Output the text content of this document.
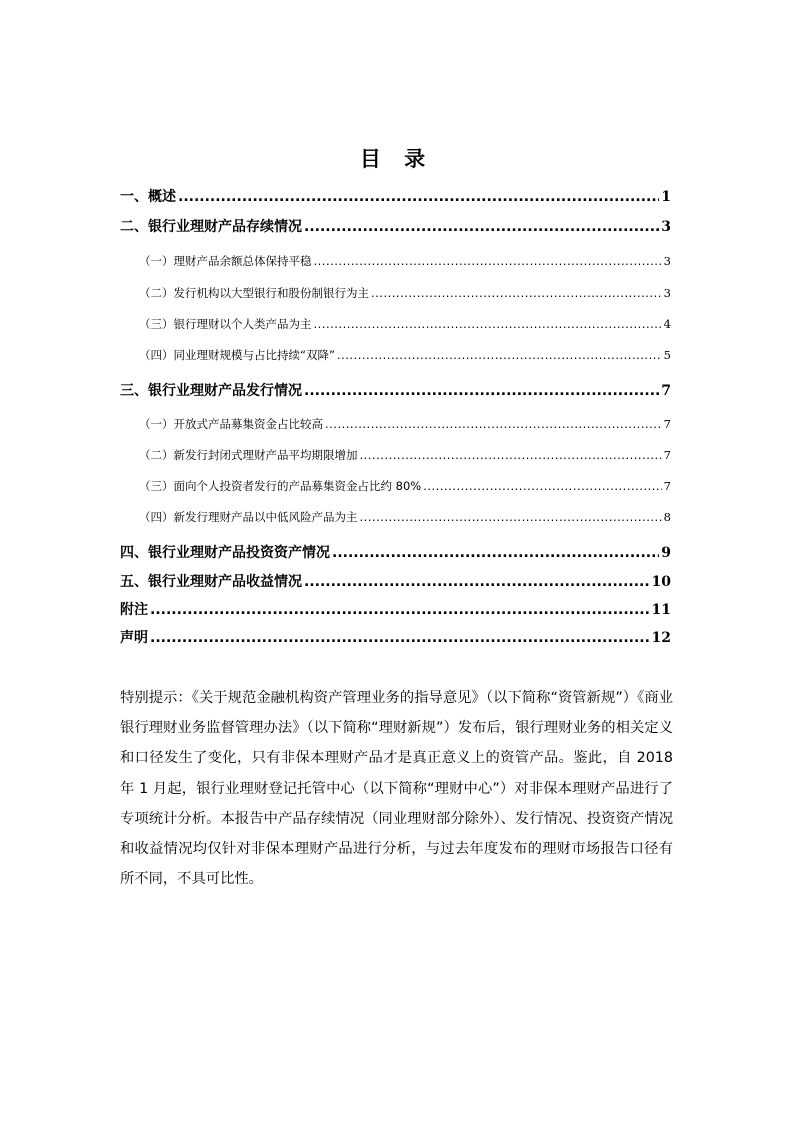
目 录
一、 概述 .....	1
二、 银行业理财产品存续情况 .....	3
（一） 理财产品余额总体保持平稳 .....	3
（二） 发行机构以大型银行和股份制银行为主 .....	3
（三） 银行理财以个人类产品为主 .....	4
（四） 同业理财规模与占比持续“双降” .....	5
三、 银行业理财产品发行情况 .....	7
（一） 开放式产品募集资金占比较高 .....	7
（二） 新发行封闭式理财产品平均期限增加 .....	7
（三） 面向个人投资者发行的产品募集资金占比约 80% .....	7
（四） 新发行理财产品以中低风险产品为主 .....	8
四、 银行业理财产品投资资产情况 .....	9
五、 银行业理财产品收益情况 .....	10
附注 .....	11
声明 .....	12

特别提示：《关于规范金融机构资产管理业务的指导意见》（以下简称“资管新规”）《商业银行理财业务监督管理办法》（以下简称“理财新规”）发布后，银行理财业务的相关定义和口径发生了变化，只有非保本理财产品才是真正意义上的资管产品。鉴此，自 2018 年 1 月起，银行业理财登记托管中心（以下简称“理财中心”）对非保本理财产品进行了专项统计分析。本报告中产品存续情况（同业理财部分除外）、发行情况、投资资产情况和收益情况均仅针对非保本理财产品进行分析，与过去年度发布的理财市场报告口径有所不同，不具可比性。
